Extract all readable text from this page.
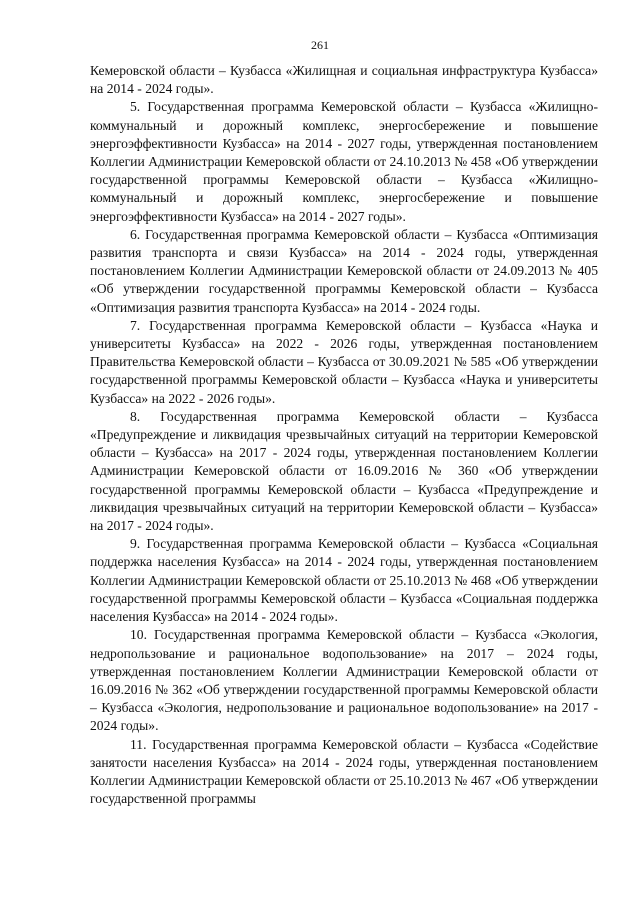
261

Кемеровской области – Кузбасса «Жилищная и социальная инфраструктура Кузбасса» на 2014 - 2024 годы».

5. Государственная программа Кемеровской области – Кузбасса «Жилищно-коммунальный и дорожный комплекс, энергосбережение и повышение энергоэффективности Кузбасса» на 2014 - 2027 годы, утвержденная постановлением Коллегии Администрации Кемеровской области от 24.10.2013 № 458 «Об утверждении государственной программы Кемеровской области – Кузбасса «Жилищно-коммунальный и дорожный комплекс, энергосбережение и повышение энергоэффективности Кузбасса» на 2014 - 2027 годы».

6. Государственная программа Кемеровской области – Кузбасса «Оптимизация развития транспорта и связи Кузбасса» на 2014 - 2024 годы, утвержденная постановлением Коллегии Администрации Кемеровской области от 24.09.2013 № 405 «Об утверждении государственной программы Кемеровской области – Кузбасса «Оптимизация развития транспорта Кузбасса» на 2014 - 2024 годы.

7. Государственная программа Кемеровской области – Кузбасса «Наука и университеты Кузбасса» на 2022 - 2026 годы, утвержденная постановлением Правительства Кемеровской области – Кузбасса от 30.09.2021 № 585 «Об утверждении государственной программы Кемеровской области – Кузбасса «Наука и университеты Кузбасса» на 2022 - 2026 годы».

8. Государственная программа Кемеровской области – Кузбасса «Предупреждение и ликвидация чрезвычайных ситуаций на территории Кемеровской области – Кузбасса» на 2017 - 2024 годы, утвержденная постановлением Коллегии Администрации Кемеровской области от 16.09.2016 № 360 «Об утверждении государственной программы Кемеровской области – Кузбасса «Предупреждение и ликвидация чрезвычайных ситуаций на территории Кемеровской области – Кузбасса» на 2017 - 2024 годы».

9. Государственная программа Кемеровской области – Кузбасса «Социальная поддержка населения Кузбасса» на 2014 - 2024 годы, утвержденная постановлением Коллегии Администрации Кемеровской области от 25.10.2013 № 468 «Об утверждении государственной программы Кемеровской области – Кузбасса «Социальная поддержка населения Кузбасса» на 2014 - 2024 годы».

10. Государственная программа Кемеровской области – Кузбасса «Экология, недропользование и рациональное водопользование» на 2017 – 2024 годы, утвержденная постановлением Коллегии Администрации Кемеровской области от 16.09.2016 № 362 «Об утверждении государственной программы Кемеровской области – Кузбасса «Экология, недропользование и рациональное водопользование» на 2017 - 2024 годы».

11. Государственная программа Кемеровской области – Кузбасса «Содействие занятости населения Кузбасса» на 2014 - 2024 годы, утвержденная постановлением Коллегии Администрации Кемеровской области от 25.10.2013 № 467 «Об утверждении государственной программы
